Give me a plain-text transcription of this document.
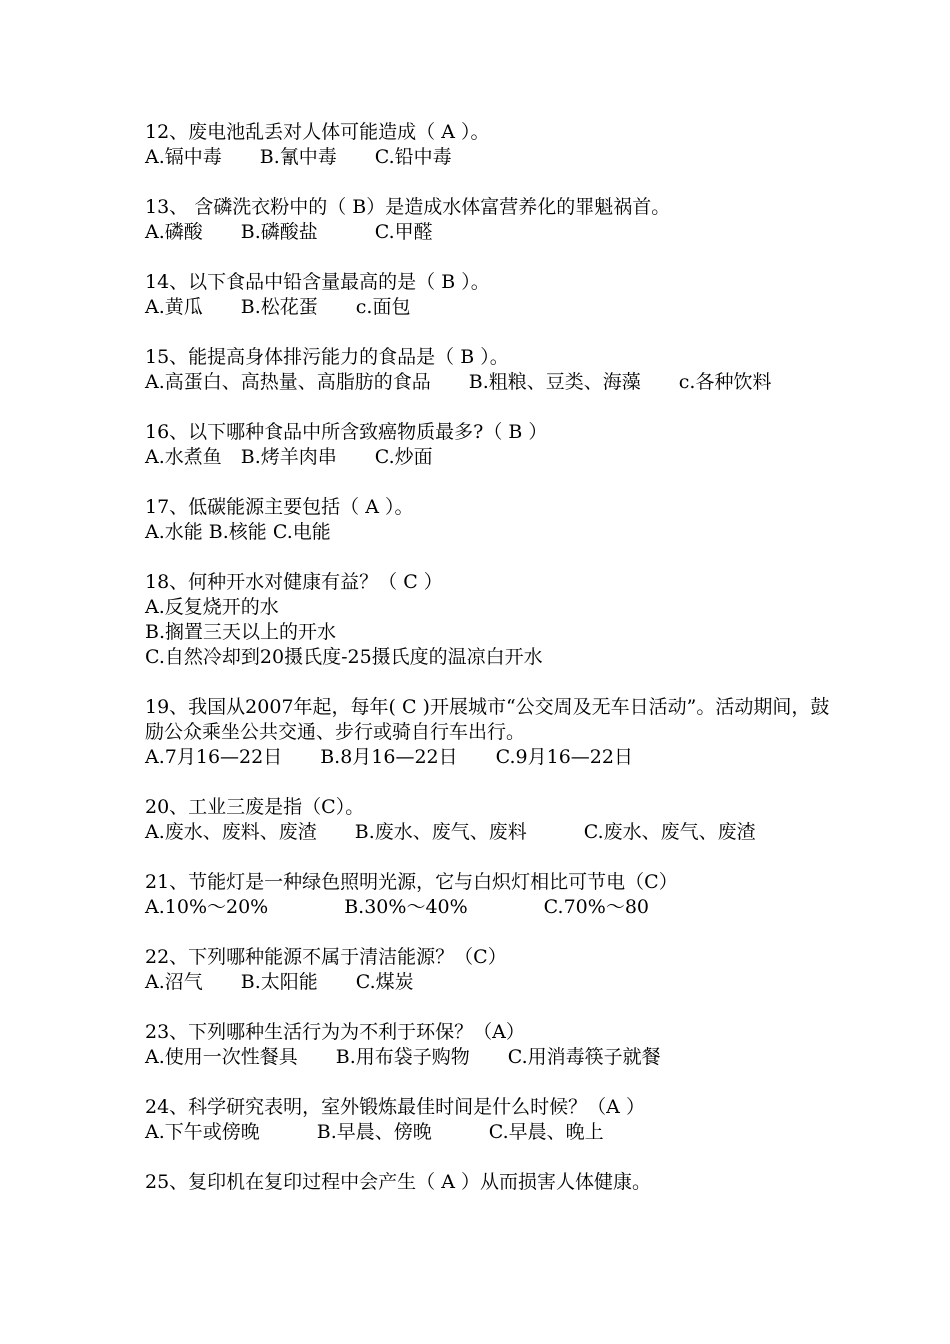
12、废电池乱丢对人体可能造成（ A ）。
A.镉中毒　　B.氰中毒　　C.铅中毒
13、 含磷洗衣粉中的（ B）是造成水体富营养化的罪魁祸首。
A.磷酸　　B.磷酸盐　　　C.甲醛
14、以下食品中铅含量最高的是（ B ）。
A.黄瓜　　B.松花蛋　　c.面包
15、能提高身体排污能力的食品是（ B ）。
A.高蛋白、高热量、高脂肪的食品　　B.粗粮、豆类、海藻　　c.各种饮料
16、以下哪种食品中所含致癌物质最多?（ B ）
A.水煮鱼　B.烤羊肉串　　C.炒面
17、低碳能源主要包括（ A ）。
A.水能 B.核能 C.电能
18、何种开水对健康有益？（ C ）
A.反复烧开的水
B.搁置三天以上的开水
C.自然冷却到20摄氏度-25摄氏度的温凉白开水
19、我国从2007年起，每年( C )开展城市“公交周及无车日活动”。活动期间，鼓励公众乘坐公共交通、步行或骑自行车出行。
A.7月16—22日　　B.8月16—22日　　C.9月16—22日
20、工业三废是指（C）。
A.废水、废料、废渣　　B.废水、废气、废料　　　C.废水、废气、废渣
21、节能灯是一种绿色照明光源，它与白炽灯相比可节电（C）
A.10%～20%　　　　B.30%～40%　　　　C.70%～80
22、下列哪种能源不属于清洁能源？（C）
A.沼气　　B.太阳能　　C.煤炭
23、下列哪种生活行为为不利于环保？（A）
A.使用一次性餐具　　B.用布袋子购物　　C.用消毒筷子就餐
24、科学研究表明，室外锻炼最佳时间是什么时候？（A ）
A.下午或傍晚　　　B.早晨、傍晚　　　C.早晨、晚上
25、复印机在复印过程中会产生（ A ）从而损害人体健康。
